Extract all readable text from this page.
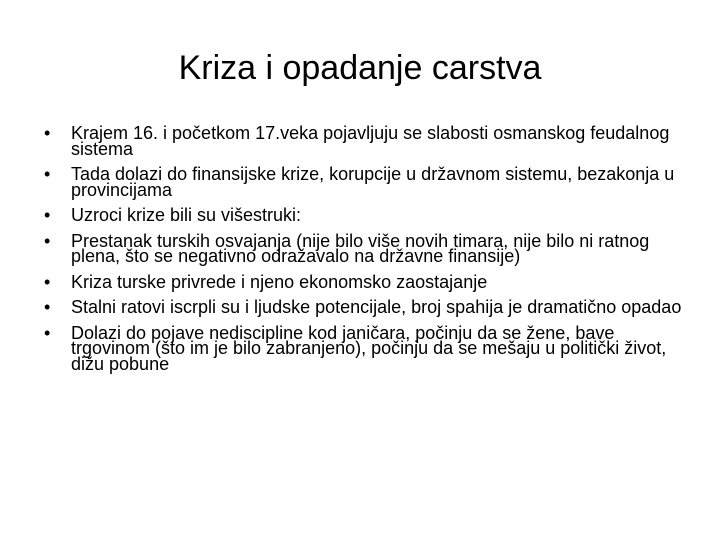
Kriza i opadanje carstva
• Krajem 16. i početkom 17.veka pojavljuju se slabosti osmanskog feudalnog sistema
• Tada dolazi do finansijske krize, korupcije u državnom sistemu, bezakonja u provincijama
• Uzroci krize bili su višestruki:
• Prestanak turskih osvajanja (nije bilo više novih timara, nije bilo ni ratnog plena, što se negativno odražavalo na državne finansije)
• Kriza turske privrede i njeno ekonomsko zaostajanje
• Stalni ratovi iscrpli su i ljudske potencijale, broj spahija je dramatično opadao
• Dolazi do pojave nediscipline kod janičara, počinju da se žene, bave trgovinom (što im je bilo zabranjeno), počinju da se mešaju u politički život, dižu pobune
